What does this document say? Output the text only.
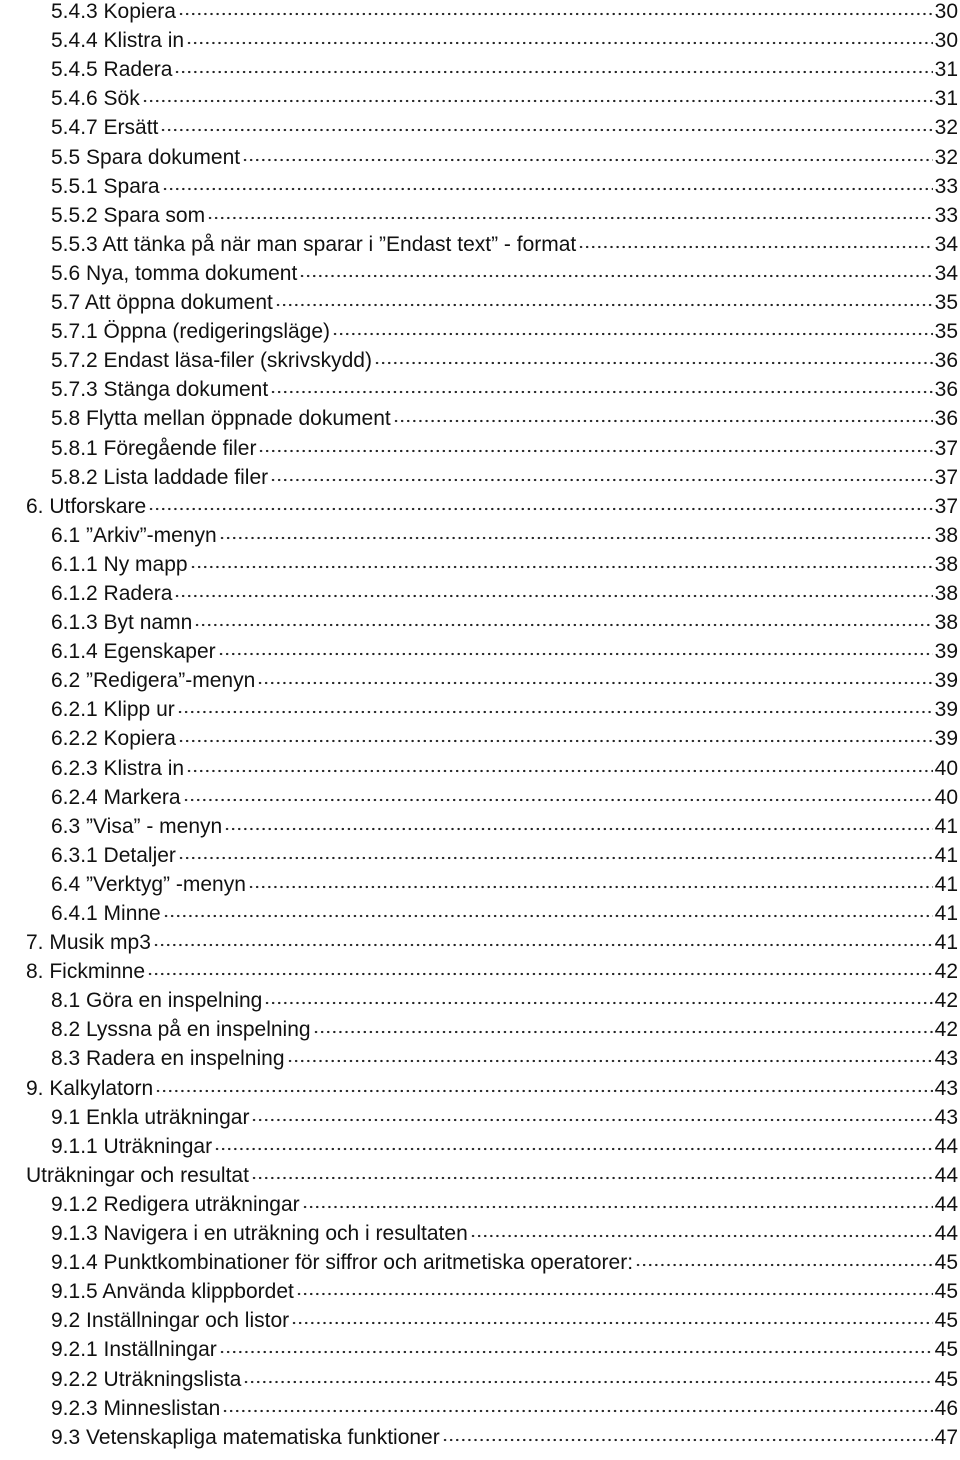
5.4.3 Kopiera	30
5.4.4 Klistra in	30
5.4.5 Radera	31
5.4.6 Sök	31
5.4.7 Ersätt	32
5.5 Spara dokument	32
5.5.1 Spara	33
5.5.2 Spara som	33
5.5.3 Att tänka på när man sparar i ”Endast text” - format	34
5.6 Nya, tomma dokument	34
5.7 Att öppna dokument	35
5.7.1 Öppna (redigeringsläge)	35
5.7.2 Endast läsa-filer (skrivskydd)	36
5.7.3 Stänga dokument	36
5.8 Flytta mellan öppnade dokument	36
5.8.1 Föregående filer	37
5.8.2 Lista laddade filer	37
6. Utforskare	37
6.1 ”Arkiv”-menyn	38
6.1.1 Ny mapp	38
6.1.2 Radera	38
6.1.3 Byt namn	38
6.1.4 Egenskaper	39
6.2 ”Redigera”-menyn	39
6.2.1 Klipp ur	39
6.2.2 Kopiera	39
6.2.3 Klistra in	40
6.2.4 Markera	40
6.3 ”Visa” - menyn	41
6.3.1 Detaljer	41
6.4 ”Verktyg” -menyn	41
6.4.1 Minne	41
7. Musik mp3	41
8. Fickminne	42
8.1 Göra en inspelning	42
8.2 Lyssna på en inspelning	42
8.3 Radera en inspelning	43
9. Kalkylatorn	43
9.1 Enkla uträkningar	43
9.1.1 Uträkningar	44
Uträkningar och resultat	44
9.1.2 Redigera uträkningar	44
9.1.3 Navigera i en uträkning och i resultaten	44
9.1.4 Punktkombinationer för siffror och aritmetiska operatorer:	45
9.1.5 Använda klippbordet	45
9.2 Inställningar och listor	45
9.2.1 Inställningar	45
9.2.2 Uträkningslista	45
9.2.3 Minneslistan	46
9.3 Vetenskapliga matematiska funktioner	47
